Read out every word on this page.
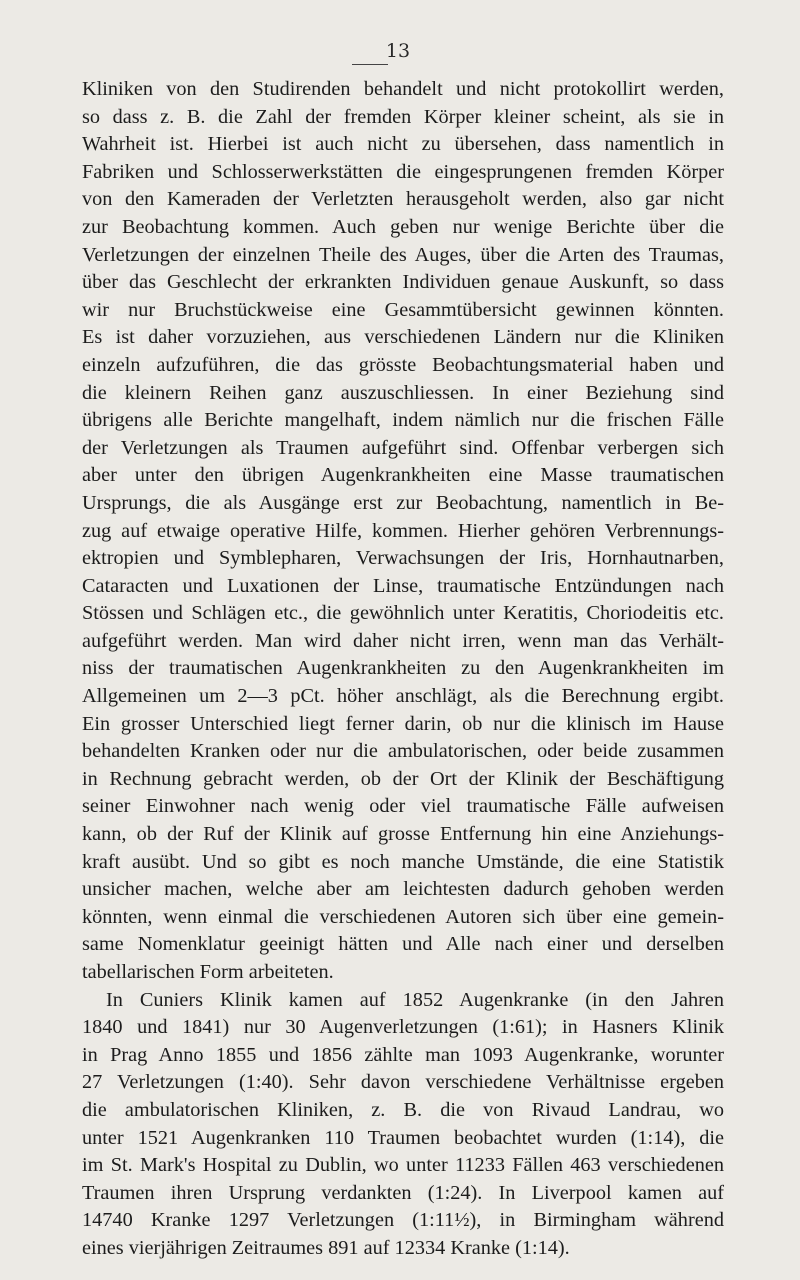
13
Kliniken von den Studirenden behandelt und nicht protokollirt werden,
so dass z. B. die Zahl der fremden Körper kleiner scheint, als sie in
Wahrheit ist. Hierbei ist auch nicht zu übersehen, dass namentlich in
Fabriken und Schlosserwerkstätten die eingesprungenen fremden Körper
von den Kameraden der Verletzten herausgeholt werden, also gar nicht
zur Beobachtung kommen. Auch geben nur wenige Berichte über die
Verletzungen der einzelnen Theile des Auges, über die Arten des Traumas,
über das Geschlecht der erkrankten Individuen genaue Auskunft, so dass
wir nur Bruchstückweise eine Gesammtübersicht gewinnen könnten.
Es ist daher vorzuziehen, aus verschiedenen Ländern nur die Kliniken
einzeln aufzuführen, die das grösste Beobachtungsmaterial haben und
die kleinern Reihen ganz auszuschliessen. In einer Beziehung sind
übrigens alle Berichte mangelhaft, indem nämlich nur die frischen Fälle
der Verletzungen als Traumen aufgeführt sind. Offenbar verbergen sich
aber unter den übrigen Augenkrankheiten eine Masse traumatischen
Ursprungs, die als Ausgänge erst zur Beobachtung, namentlich in Be-
zug auf etwaige operative Hilfe, kommen. Hierher gehören Verbrennungs-
ektropien und Symblepharen, Verwachsungen der Iris, Hornhautnarben,
Cataracten und Luxationen der Linse, traumatische Entzündungen nach
Stössen und Schlägen etc., die gewöhnlich unter Keratitis, Choriodeitis etc.
aufgeführt werden. Man wird daher nicht irren, wenn man das Verhält-
niss der traumatischen Augenkrankheiten zu den Augenkrankheiten im
Allgemeinen um 2—3 pCt. höher anschlägt, als die Berechnung ergibt.
Ein grosser Unterschied liegt ferner darin, ob nur die klinisch im Hause
behandelten Kranken oder nur die ambulatorischen, oder beide zusammen
in Rechnung gebracht werden, ob der Ort der Klinik der Beschäftigung
seiner Einwohner nach wenig oder viel traumatische Fälle aufweisen
kann, ob der Ruf der Klinik auf grosse Entfernung hin eine Anziehungs-
kraft ausübt. Und so gibt es noch manche Umstände, die eine Statistik
unsicher machen, welche aber am leichtesten dadurch gehoben werden
könnten, wenn einmal die verschiedenen Autoren sich über eine gemein-
same Nomenklatur geeinigt hätten und Alle nach einer und derselben
tabellarischen Form arbeiteten.
In Cuniers Klinik kamen auf 1852 Augenkranke (in den Jahren
1840 und 1841) nur 30 Augenverletzungen (1:61); in Hasners Klinik
in Prag Anno 1855 und 1856 zählte man 1093 Augenkranke, worunter
27 Verletzungen (1:40). Sehr davon verschiedene Verhältnisse ergeben
die ambulatorischen Kliniken, z. B. die von Rivaud Landrau, wo
unter 1521 Augenkranken 110 Traumen beobachtet wurden (1:14), die
im St. Mark's Hospital zu Dublin, wo unter 11233 Fällen 463 verschiedenen
Traumen ihren Ursprung verdankten (1:24). In Liverpool kamen auf
14740 Kranke 1297 Verletzungen (1:11½), in Birmingham während
eines vierjährigen Zeitraumes 891 auf 12334 Kranke (1:14).
